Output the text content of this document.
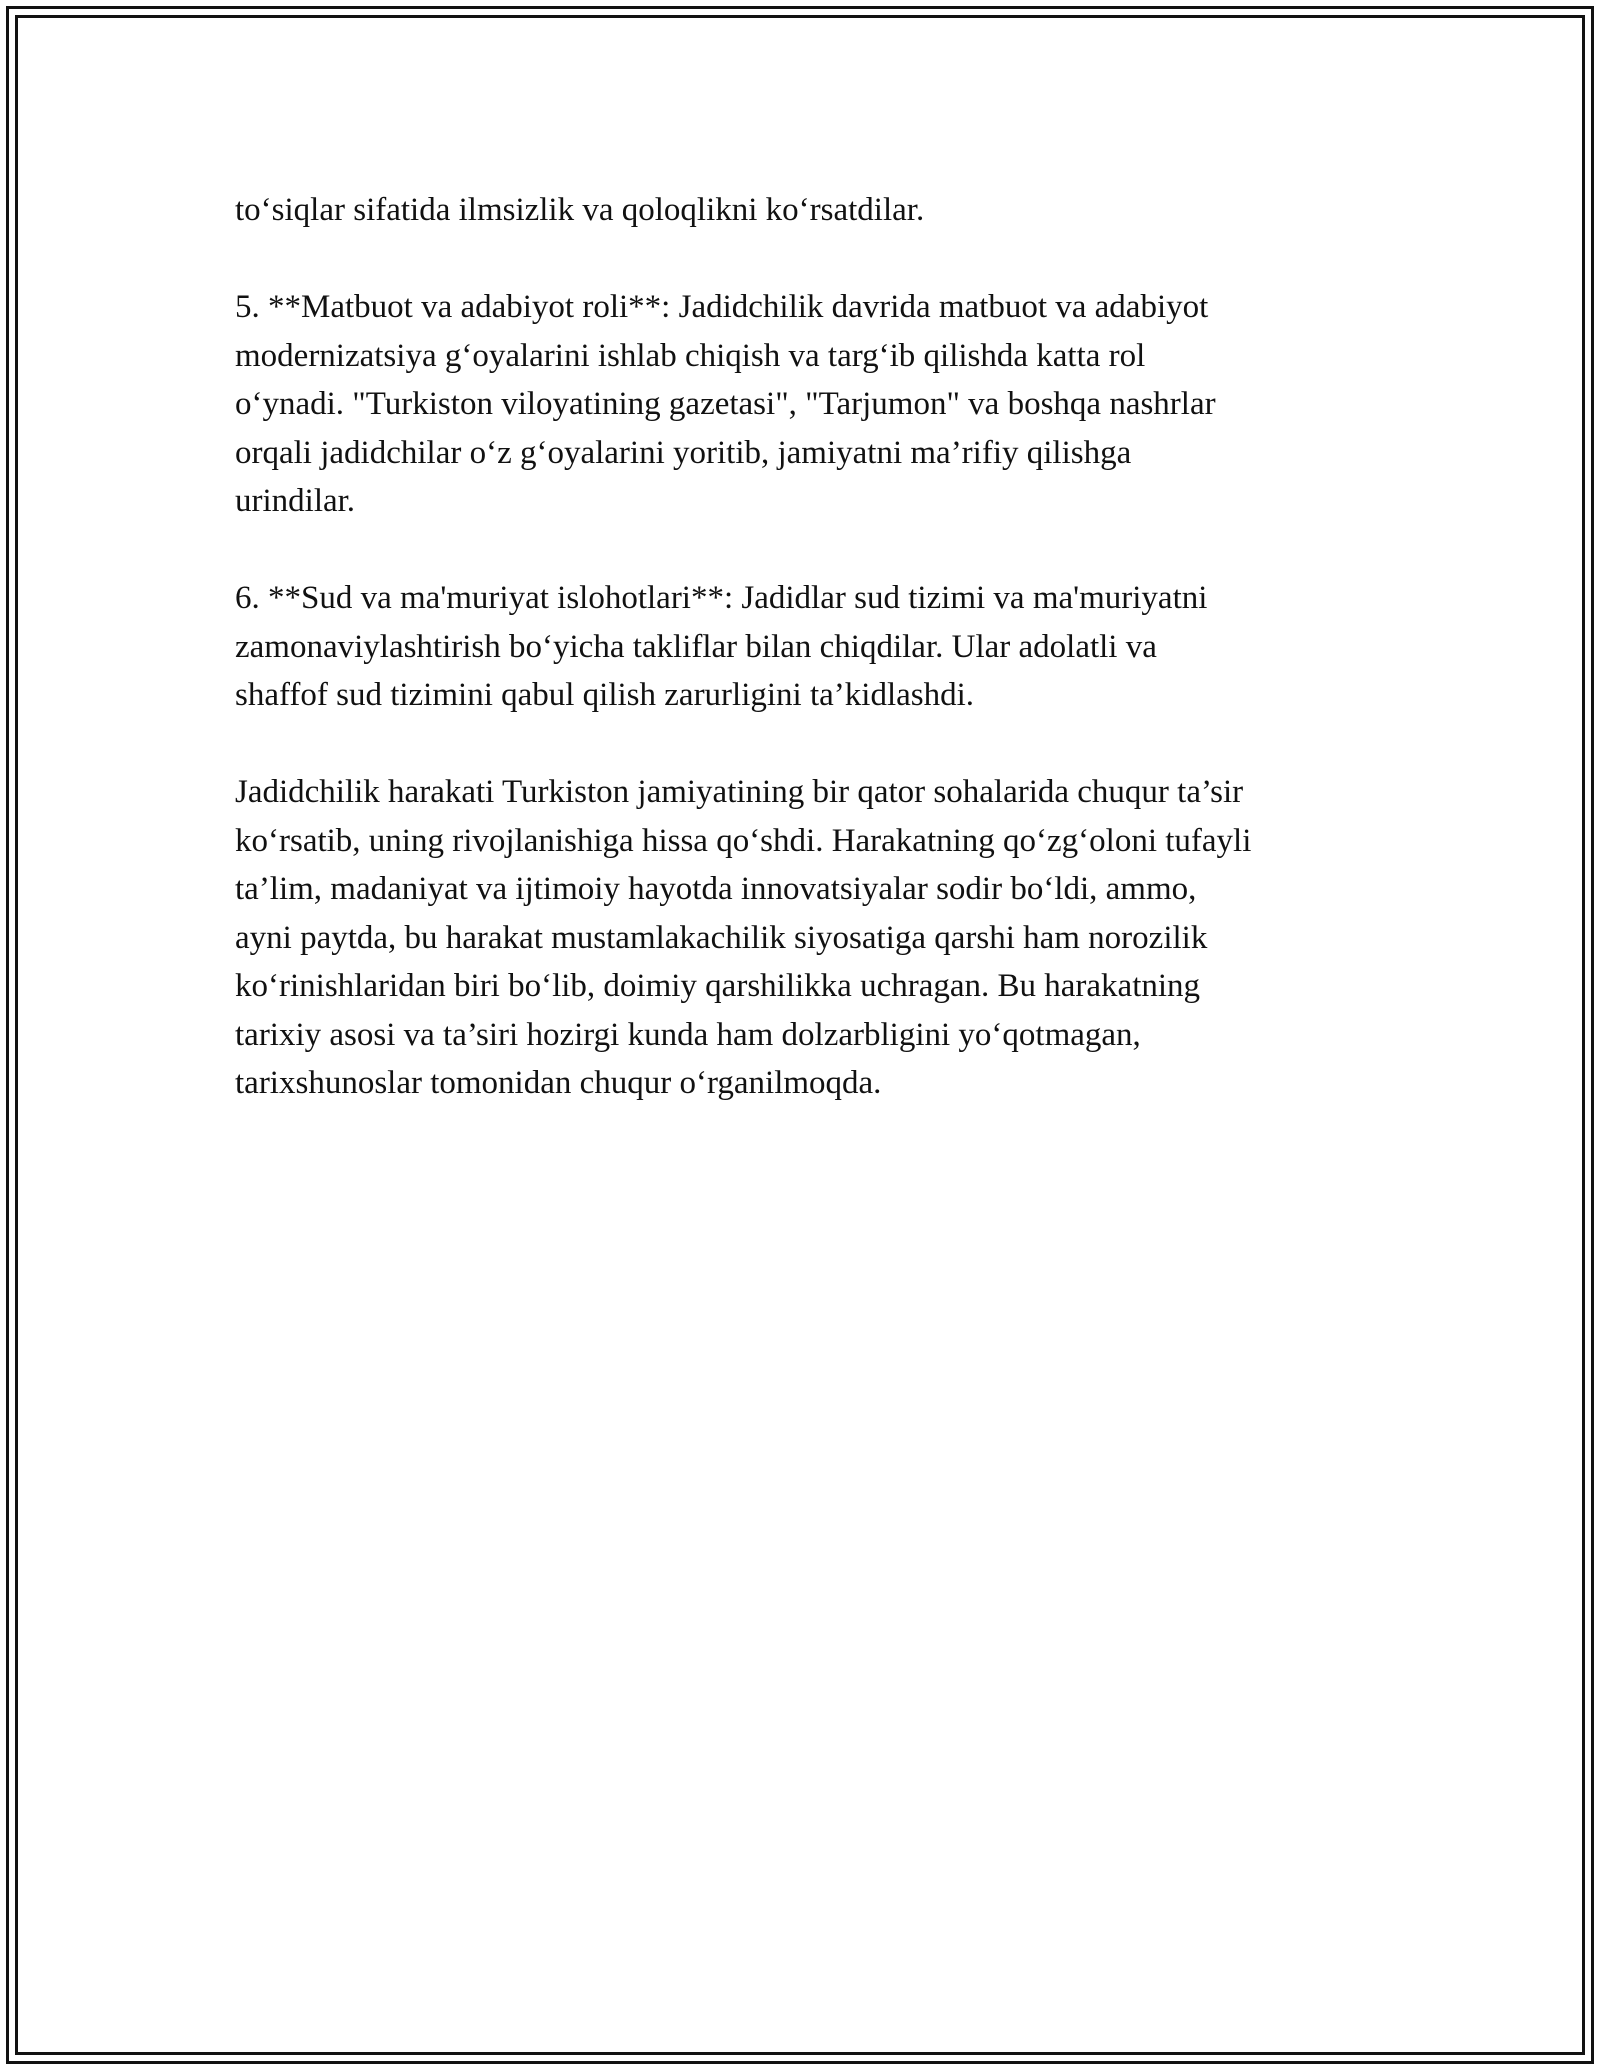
to‘siqlar sifatida ilmsizlik va qoloqlikni ko‘rsatdilar.

5. **Matbuot va adabiyot roli**: Jadidchilik davrida matbuot va adabiyot
modernizatsiya g‘oyalarini ishlab chiqish va targ‘ib qilishda katta rol
o‘ynadi. "Turkiston viloyatining gazetasi", "Tarjumon" va boshqa nashrlar
orqali jadidchilar o‘z g‘oyalarini yoritib, jamiyatni ma’rifiy qilishga
urindilar.

6. **Sud va ma'muriyat islohotlari**: Jadidlar sud tizimi va ma'muriyatni
zamonaviylashtirish bo‘yicha takliflar bilan chiqdilar. Ular adolatli va
shaffof sud tizimini qabul qilish zarurligini ta’kidlashdi.

Jadidchilik harakati Turkiston jamiyatining bir qator sohalarida chuqur ta’sir
ko‘rsatib, uning rivojlanishiga hissa qo‘shdi. Harakatning qo‘zg‘oloni tufayli
ta’lim, madaniyat va ijtimoiy hayotda innovatsiyalar sodir bo‘ldi, ammo,
ayni paytda, bu harakat mustamlakachilik siyosatiga qarshi ham norozilik
ko‘rinishlaridan biri bo‘lib, doimiy qarshilikka uchragan. Bu harakatning
tarixiy asosi va ta’siri hozirgi kunda ham dolzarbligini yo‘qotmagan,
tarixshunoslar tomonidan chuqur o‘rganilmoqda.
